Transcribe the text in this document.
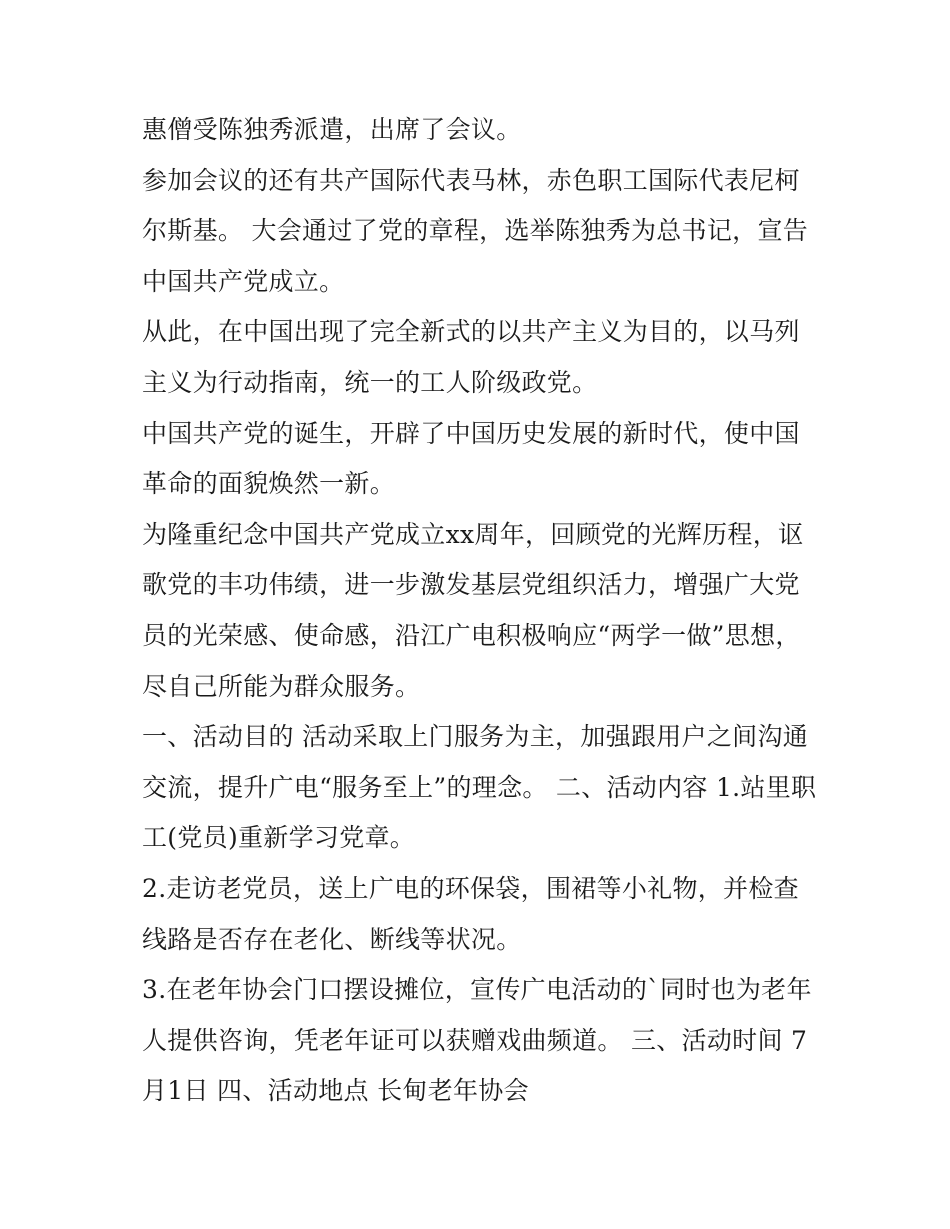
惠僧受陈独秀派遣，出席了会议。

参加会议的还有共产国际代表马林，赤色职工国际代表尼柯尔斯基。 大会通过了党的章程，选举陈独秀为总书记，宣告中国共产党成立。

从此，在中国出现了完全新式的以共产主义为目的，以马列主义为行动指南，统一的工人阶级政党。

中国共产党的诞生，开辟了中国历史发展的新时代，使中国革命的面貌焕然一新。

为隆重纪念中国共产党成立xx周年，回顾党的光辉历程，讴歌党的丰功伟绩，进一步激发基层党组织活力，增强广大党员的光荣感、使命感，沿江广电积极响应“两学一做”思想，尽自己所能为群众服务。

一、活动目的 活动采取上门服务为主，加强跟用户之间沟通交流，提升广电“服务至上”的理念。 二、活动内容 1.站里职工(党员)重新学习党章。

2.走访老党员，送上广电的环保袋，围裙等小礼物，并检查线路是否存在老化、断线等状况。

3.在老年协会门口摆设摊位，宣传广电活动的`同时也为老年人提供咨询，凭老年证可以获赠戏曲频道。 三、活动时间 7月1日 四、活动地点 长甸老年协会
